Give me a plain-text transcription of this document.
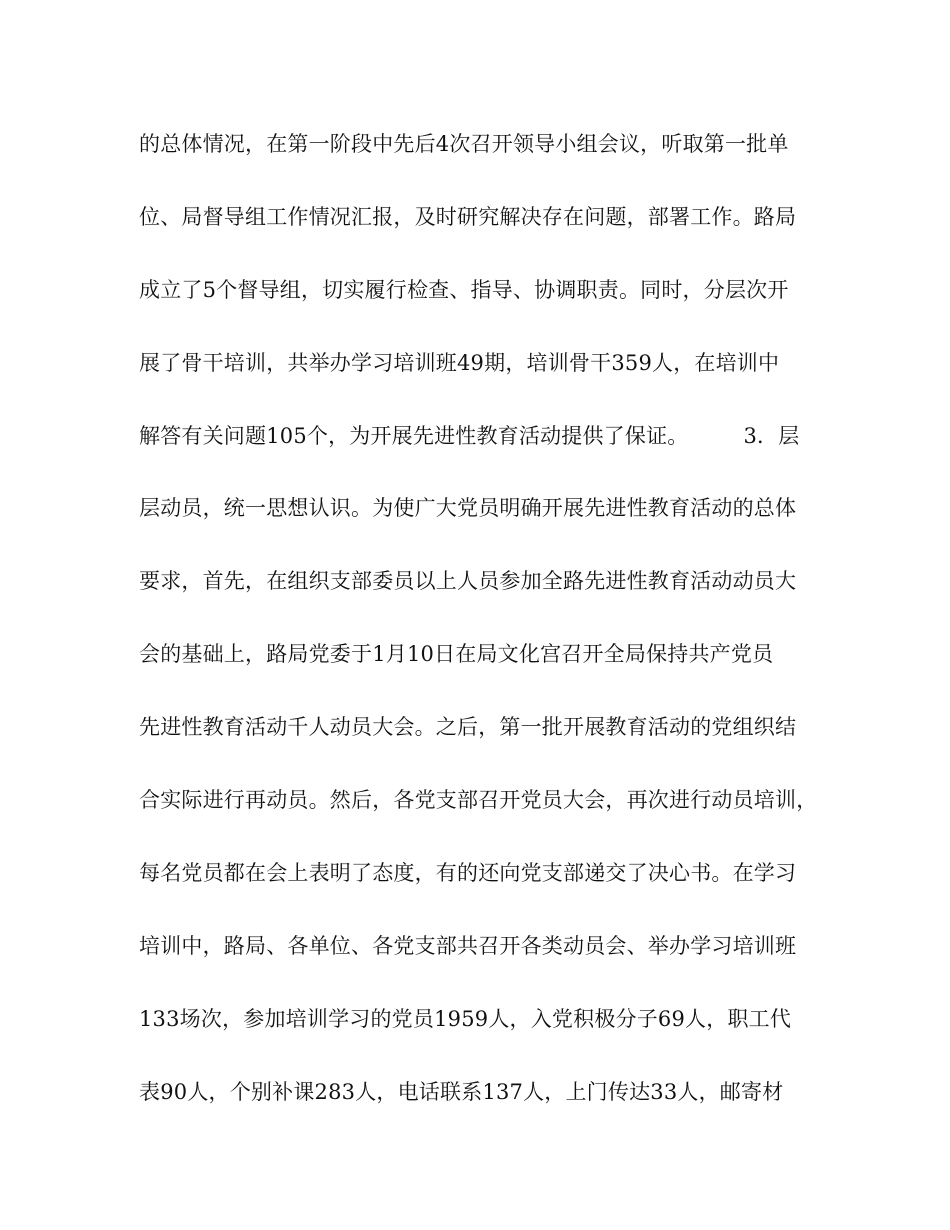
的总体情况，在第一阶段中先后4次召开领导小组会议，听取第一批单
位、局督导组工作情况汇报，及时研究解决存在问题，部署工作。路局
成立了5个督导组，切实履行检查、指导、协调职责。同时，分层次开
展了骨干培训，共举办学习培训班49期，培训骨干359人，在培训中
解答有关问题105个，为开展先进性教育活动提供了保证。        3．层
层动员，统一思想认识。为使广大党员明确开展先进性教育活动的总体
要求，首先，在组织支部委员以上人员参加全路先进性教育活动动员大
会的基础上，路局党委于1月10日在局文化宫召开全局保持共产党员
先进性教育活动千人动员大会。之后，第一批开展教育活动的党组织结
合实际进行再动员。然后，各党支部召开党员大会，再次进行动员培训，
每名党员都在会上表明了态度，有的还向党支部递交了决心书。在学习
培训中，路局、各单位、各党支部共召开各类动员会、举办学习培训班
133场次，参加培训学习的党员1959人，入党积极分子69人，职工代
表90人，个别补课283人，电话联系137人，上门传达33人，邮寄材
